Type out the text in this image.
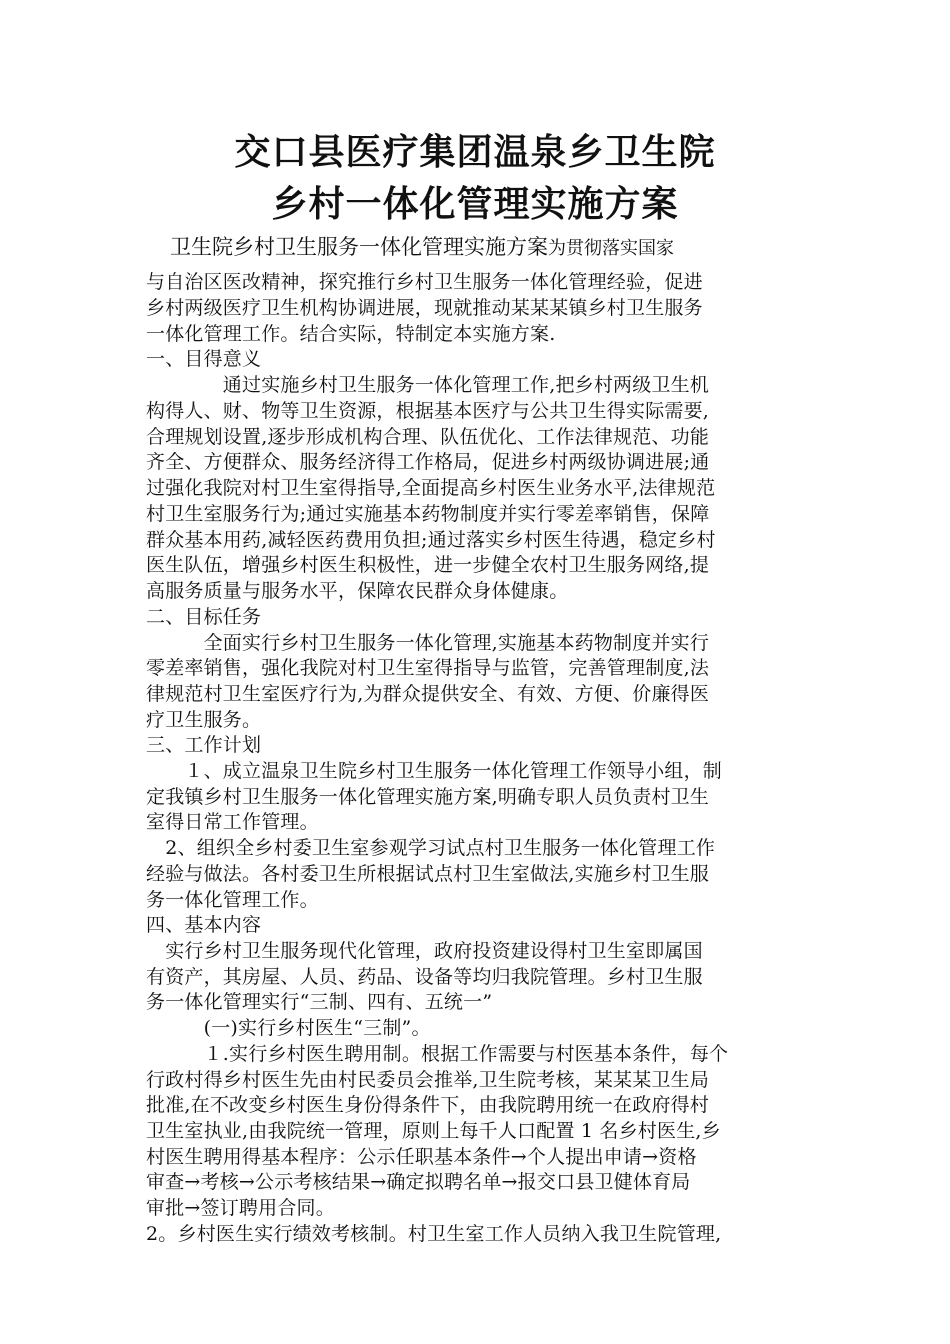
交口县医疗集团温泉乡卫生院
乡村一体化管理实施方案
卫生院乡村卫生服务一体化管理实施方案为贯彻落实国家
与自治区医改精神，探究推行乡村卫生服务一体化管理经验，促进
乡村两级医疗卫生机构协调进展，现就推动某某某镇乡村卫生服务
一体化管理工作。结合实际，特制定本实施方案.
一、目得意义
　　　　通过实施乡村卫生服务一体化管理工作,把乡村两级卫生机
构得人、财、物等卫生资源，根据基本医疗与公共卫生得实际需要,
合理规划设置,逐步形成机构合理、队伍优化、工作法律规范、功能
齐全、方便群众、服务经济得工作格局，促进乡村两级协调进展;通
过强化我院对村卫生室得指导,全面提高乡村医生业务水平,法律规范
村卫生室服务行为;通过实施基本药物制度并实行零差率销售，保障
群众基本用药,减轻医药费用负担;通过落实乡村医生待遇，稳定乡村
医生队伍，增强乡村医生积极性，进一步健全农村卫生服务网络,提
高服务质量与服务水平，保障农民群众身体健康。
二、目标任务
　　　全面实行乡村卫生服务一体化管理,实施基本药物制度并实行
零差率销售，强化我院对村卫生室得指导与监管，完善管理制度,法
律规范村卫生室医疗行为,为群众提供安全、有效、方便、价廉得医
疗卫生服务。
三、工作计划
　　１、成立温泉卫生院乡村卫生服务一体化管理工作领导小组，制
定我镇乡村卫生服务一体化管理实施方案,明确专职人员负责村卫生
室得日常工作管理。
　2、组织全乡村委卫生室参观学习试点村卫生服务一体化管理工作
经验与做法。各村委卫生所根据试点村卫生室做法,实施乡村卫生服
务一体化管理工作。
四、基本内容
　实行乡村卫生服务现代化管理，政府投资建设得村卫生室即属国
有资产，其房屋、人员、药品、设备等均归我院管理。乡村卫生服
务一体化管理实行“三制、四有、五统一”
　　　(一)实行乡村医生“三制”。
　　　１.实行乡村医生聘用制。根据工作需要与村医基本条件，每个
行政村得乡村医生先由村民委员会推举,卫生院考核，某某某卫生局
批准,在不改变乡村医生身份得条件下，由我院聘用统一在政府得村
卫生室执业,由我院统一管理，原则上每千人口配置 1 名乡村医生,乡
村医生聘用得基本程序：公示任职基本条件→个人提出申请→资格
审查→考核→公示考核结果→确定拟聘名单→报交口县卫健体育局
审批→签订聘用合同。
2。乡村医生实行绩效考核制。村卫生室工作人员纳入我卫生院管理,
